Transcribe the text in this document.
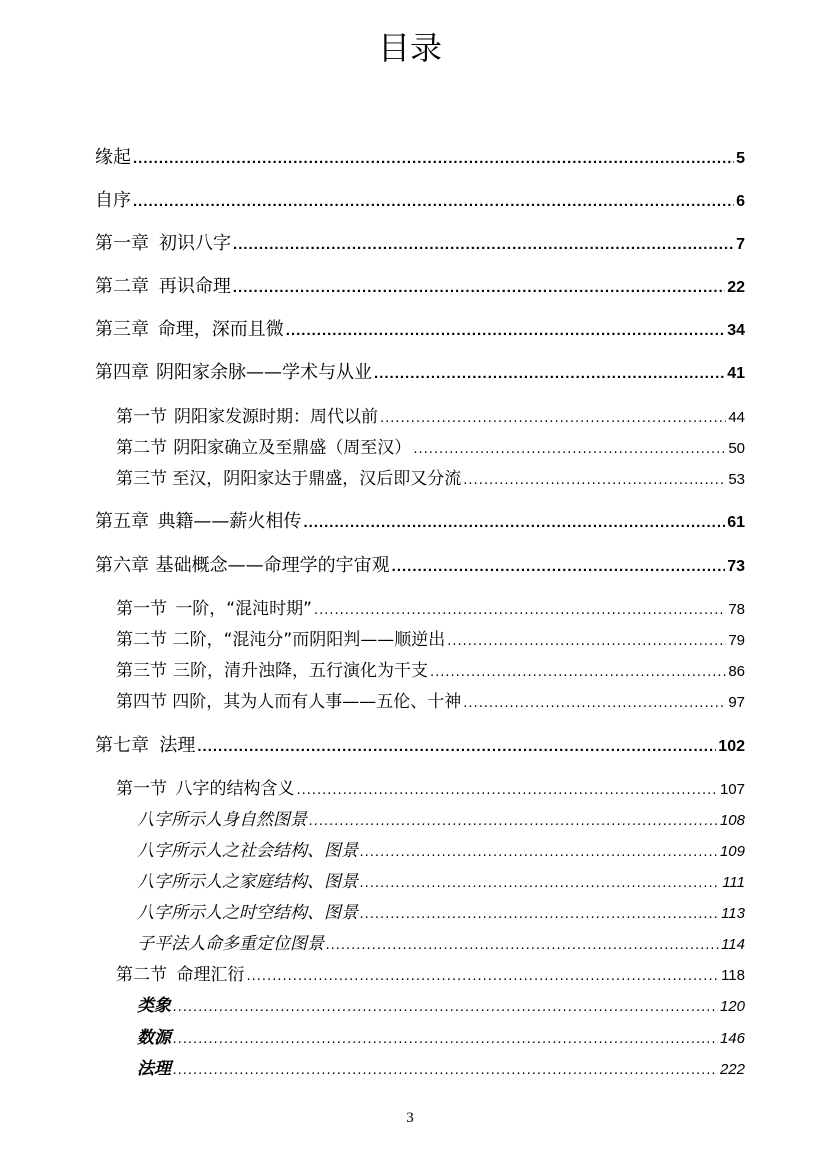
目录
缘起 .....	5
自序 .....	6
第一章 初识八字 .....	7
第二章 再识命理 .....	22
第三章 命理，深而且微 .....	34
第四章 阴阳家余脉——学术与从业 .....	41
第一节 阴阳家发源时期：周代以前 .....	44
第二节 阴阳家确立及至鼎盛（周至汉） .....	50
第三节 至汉，阴阳家达于鼎盛，汉后即又分流 .....	53
第五章 典籍——薪火相传 .....	61
第六章 基础概念——命理学的宇宙观 .....	73
第一节 一阶，“混沌时期” .....	78
第二节 二阶，“混沌分”而阴阳判——顺逆出 .....	79
第三节 三阶，清升浊降，五行演化为干支 .....	86
第四节 四阶，其为人而有人事——五伦、十神 .....	97
第七章 法理 .....	102
第一节 八字的结构含义 .....	107
八字所示人身自然图景 .....	108
八字所示人之社会结构、图景 .....	109
八字所示人之家庭结构、图景 .....	111
八字所示人之时空结构、图景 .....	113
子平法人命多重定位图景 .....	114
第二节 命理汇衍 .....	118
类象 .....	120
数源 .....	146
法理 .....	222
3
